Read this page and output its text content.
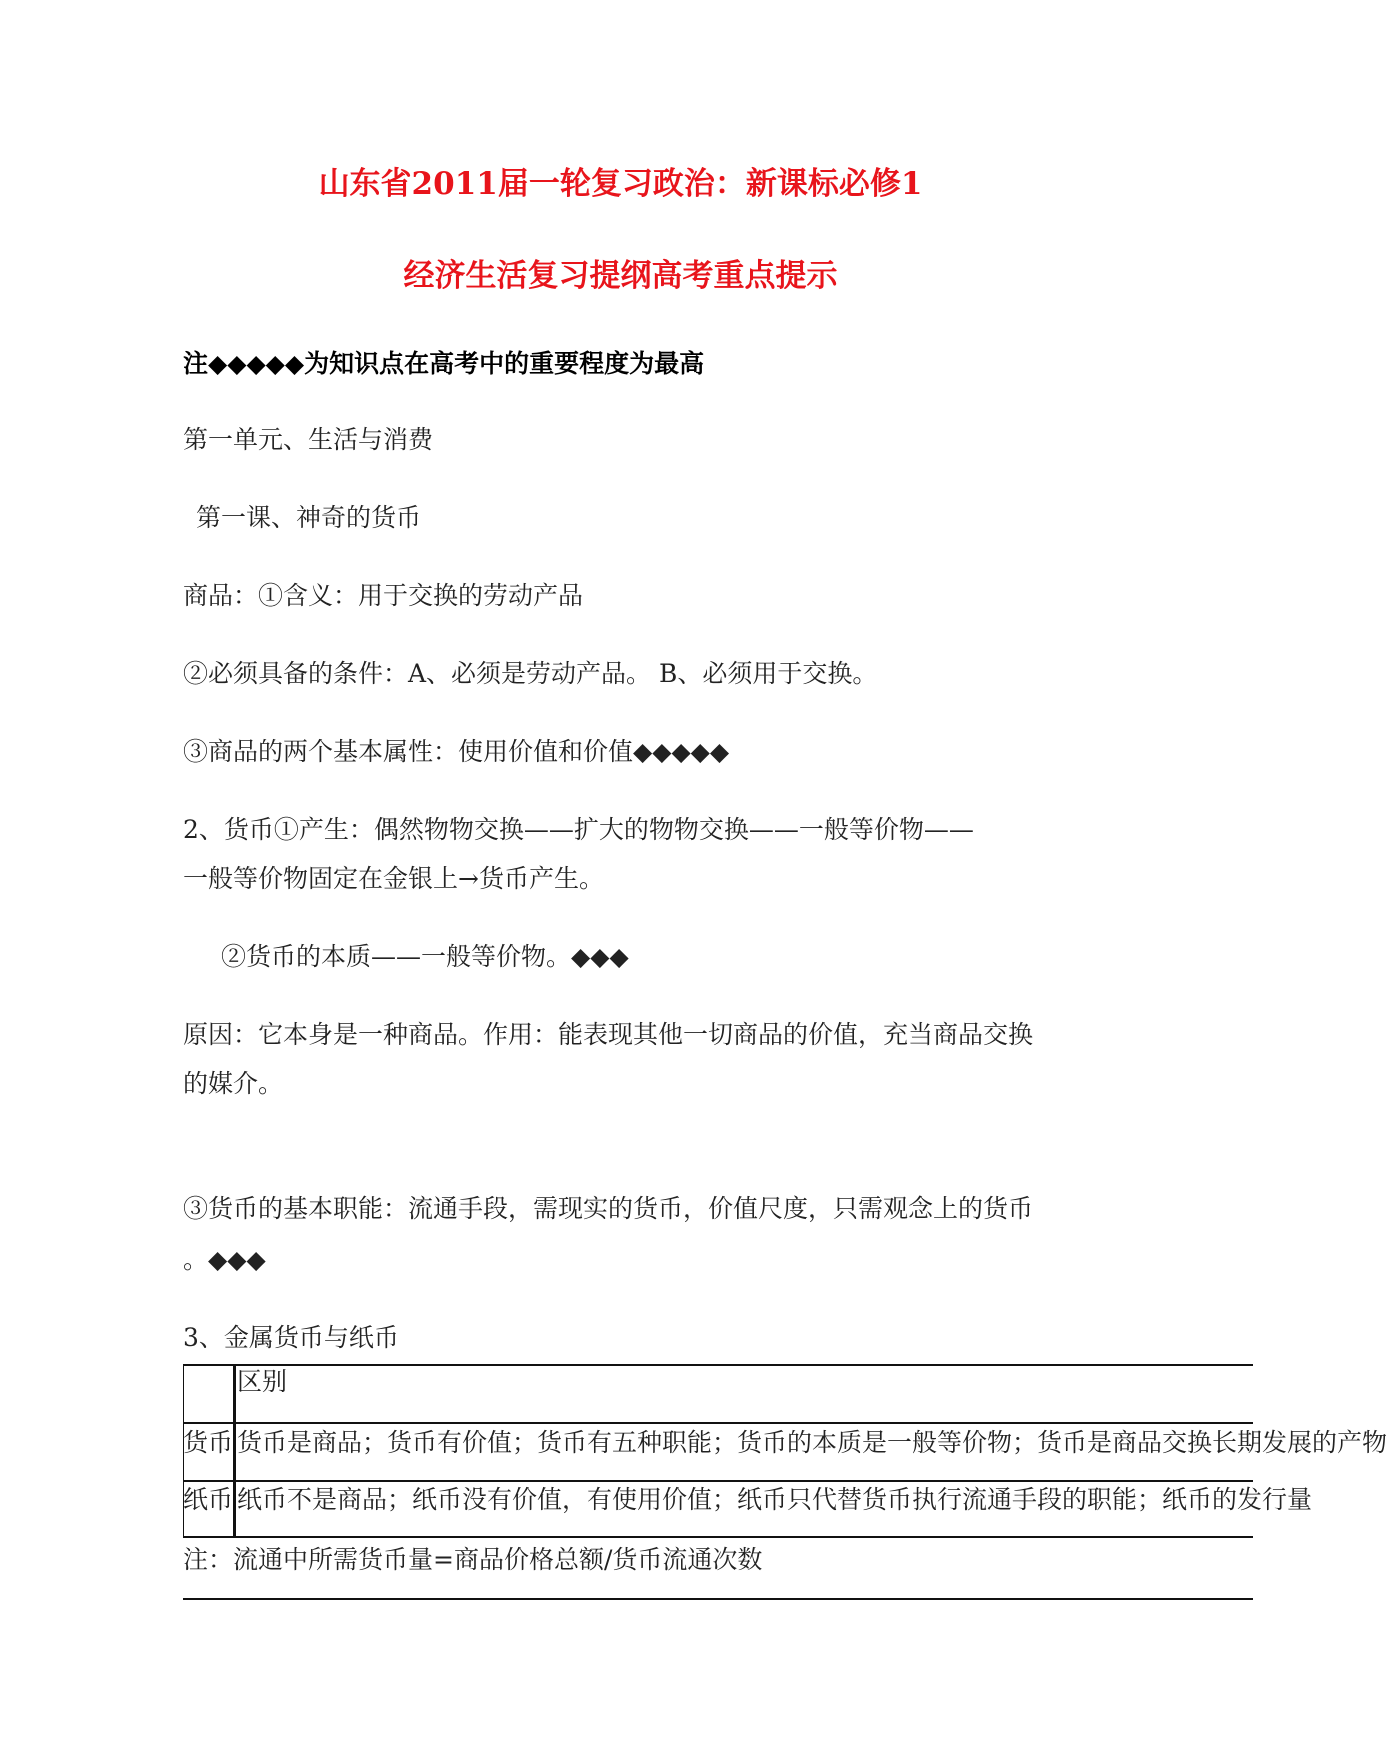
山东省2011届一轮复习政治：新课标必修1
经济生活复习提纲高考重点提示
注◆◆◆◆◆为知识点在高考中的重要程度为最高
第一单元、生活与消费
第一课、神奇的货币
商品：①含义：用于交换的劳动产品
②必须具备的条件：A、必须是劳动产品。 B、必须用于交换。
③商品的两个基本属性：使用价值和价值◆◆◆◆◆
2、货币①产生：偶然物物交换——扩大的物物交换——一般等价物——
一般等价物固定在金银上→货币产生。
②货币的本质——一般等价物。◆◆◆
原因：它本身是一种商品。作用：能表现其他一切商品的价值，充当商品交换
的媒介。
③货币的基本职能：流通手段，需现实的货币，价值尺度，只需观念上的货币
。◆◆◆
3、金属货币与纸币
区别
货币 货币是商品；货币有价值；货币有五种职能；货币的本质是一般等价物；货币是商品交换长期发展的产物
纸币 纸币不是商品；纸币没有价值，有使用价值；纸币只代替货币执行流通手段的职能；纸币的发行量
注：流通中所需货币量=商品价格总额/货币流通次数
